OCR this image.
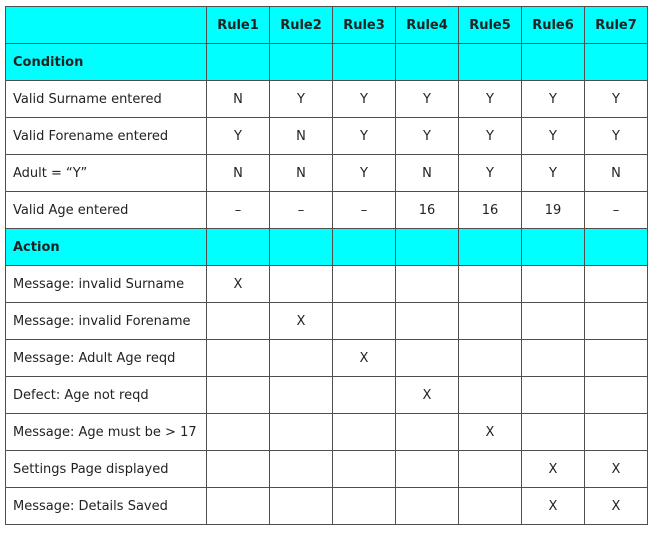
	Rule1	Rule2	Rule3	Rule4	Rule5	Rule6	Rule7
Condition							
Valid Surname entered	N	Y	Y	Y	Y	Y	Y
Valid Forename entered	Y	N	Y	Y	Y	Y	Y
Adult = “Y”	N	N	Y	N	Y	Y	N
Valid Age entered	–	–	–	16	16	19	–
Action							
Message: invalid Surname	X						
Message: invalid Forename		X					
Message: Adult Age reqd			X				
Defect: Age not reqd				X			
Message: Age must be > 17					X		
Settings Page displayed						X	X
Message: Details Saved						X	X
